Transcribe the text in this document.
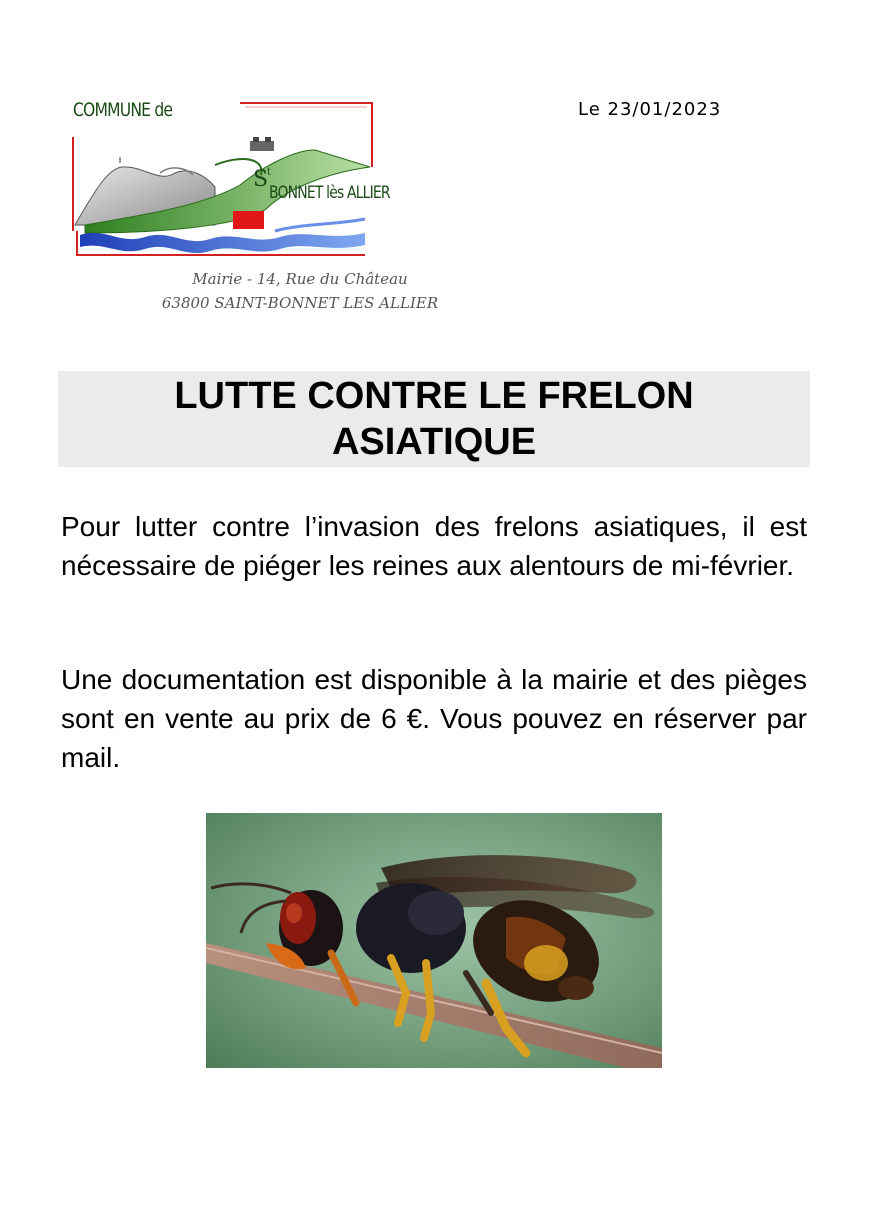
COMMUNE de
S
t
BONNET lès ALLIER
Mairie - 14, Rue du Château
63800 SAINT-BONNET LES ALLIER
Le 23/01/2023
LUTTE CONTRE LE FRELON
ASIATIQUE

Pour lutter contre l’invasion des frelons asiatiques, il est nécessaire de piéger les reines aux alentours de mi-février.

Une documentation est disponible à la mairie et des pièges sont en vente au prix de 6 €. Vous pouvez en réserver par mail.
